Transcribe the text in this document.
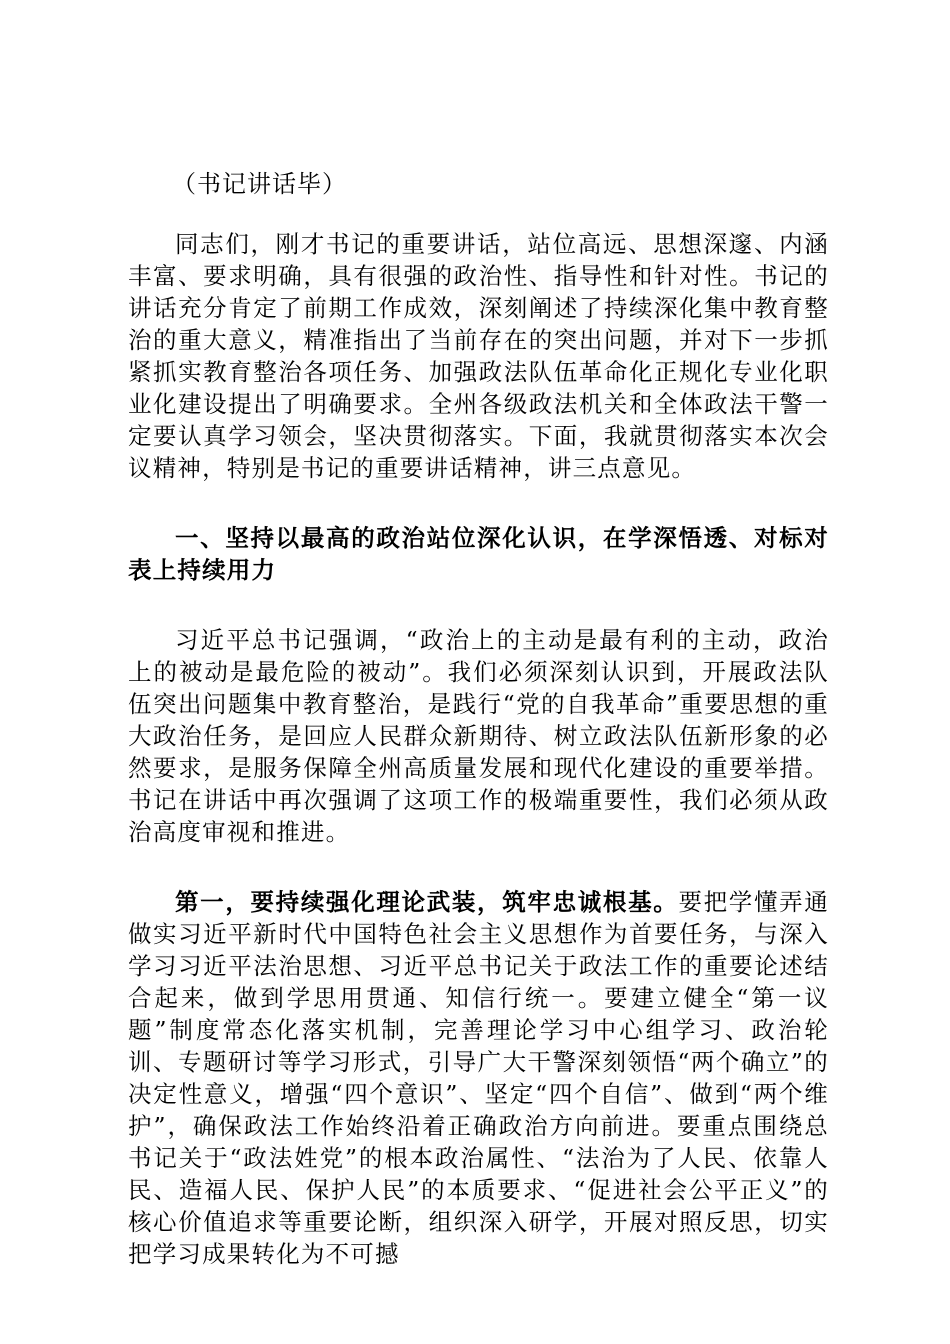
（书记讲话毕）

同志们，刚才书记的重要讲话，站位高远、思想深邃、内涵丰富、要求明确，具有很强的政治性、指导性和针对性。书记的讲话充分肯定了前期工作成效，深刻阐述了持续深化集中教育整治的重大意义，精准指出了当前存在的突出问题，并对下一步抓紧抓实教育整治各项任务、加强政法队伍革命化正规化专业化职业化建设提出了明确要求。全州各级政法机关和全体政法干警一定要认真学习领会，坚决贯彻落实。下面，我就贯彻落实本次会议精神，特别是书记的重要讲话精神，讲三点意见。

一、坚持以最高的政治站位深化认识，在学深悟透、对标对表上持续用力

习近平总书记强调，“政治上的主动是最有利的主动，政治上的被动是最危险的被动”。我们必须深刻认识到，开展政法队伍突出问题集中教育整治，是践行“党的自我革命”重要思想的重大政治任务，是回应人民群众新期待、树立政法队伍新形象的必然要求，是服务保障全州高质量发展和现代化建设的重要举措。书记在讲话中再次强调了这项工作的极端重要性，我们必须从政治高度审视和推进。

第一，要持续强化理论武装，筑牢忠诚根基。要把学懂弄通做实习近平新时代中国特色社会主义思想作为首要任务，与深入学习习近平法治思想、习近平总书记关于政法工作的重要论述结合起来，做到学思用贯通、知信行统一。要建立健全“第一议题”制度常态化落实机制，完善理论学习中心组学习、政治轮训、专题研讨等学习形式，引导广大干警深刻领悟“两个确立”的决定性意义，增强“四个意识”、坚定“四个自信”、做到“两个维护”，确保政法工作始终沿着正确政治方向前进。要重点围绕总书记关于“政法姓党”的根本政治属性、“法治为了人民、依靠人民、造福人民、保护人民”的本质要求、“促进社会公平正义”的核心价值追求等重要论断，组织深入研学，开展对照反思，切实把学习成果转化为不可撼
